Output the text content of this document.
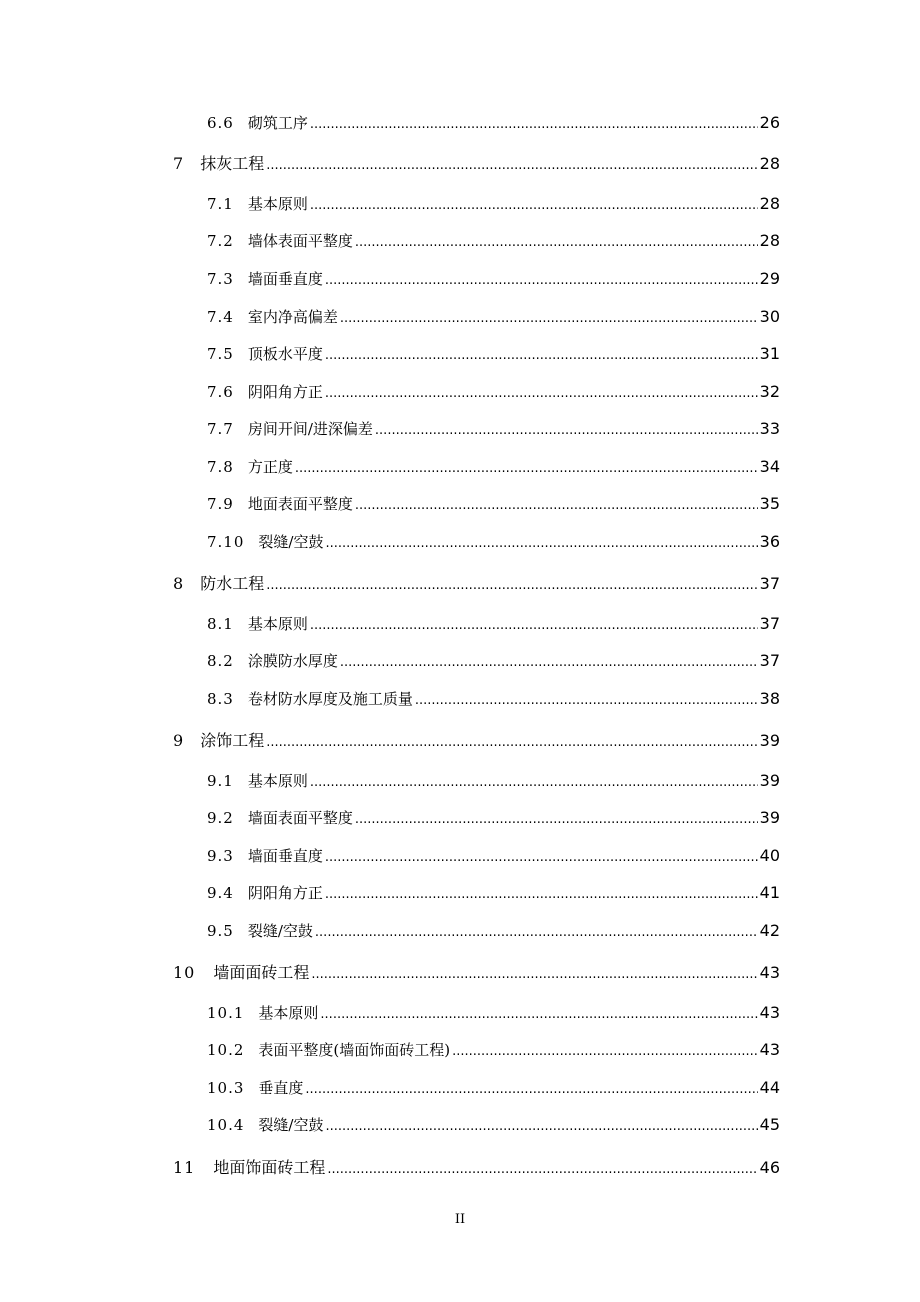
6.6 砌筑工序 .....	26
7 抹灰工程 .....	28
7.1 基本原则 .....	28
7.2 墙体表面平整度 .....	28
7.3 墙面垂直度 .....	29
7.4 室内净高偏差 .....	30
7.5 顶板水平度 .....	31
7.6 阴阳角方正 .....	32
7.7 房间开间/进深偏差 .....	33
7.8 方正度 .....	34
7.9 地面表面平整度 .....	35
7.10 裂缝/空鼓 .....	36
8 防水工程 .....	37
8.1 基本原则 .....	37
8.2 涂膜防水厚度 .....	37
8.3 卷材防水厚度及施工质量 .....	38
9 涂饰工程 .....	39
9.1 基本原则 .....	39
9.2 墙面表面平整度 .....	39
9.3 墙面垂直度 .....	40
9.4 阴阳角方正 .....	41
9.5 裂缝/空鼓 .....	42
10 墙面面砖工程 .....	43
10.1 基本原则 .....	43
10.2 表面平整度(墙面饰面砖工程) .....	43
10.3 垂直度 .....	44
10.4 裂缝/空鼓 .....	45
11 地面饰面砖工程 .....	46
II
